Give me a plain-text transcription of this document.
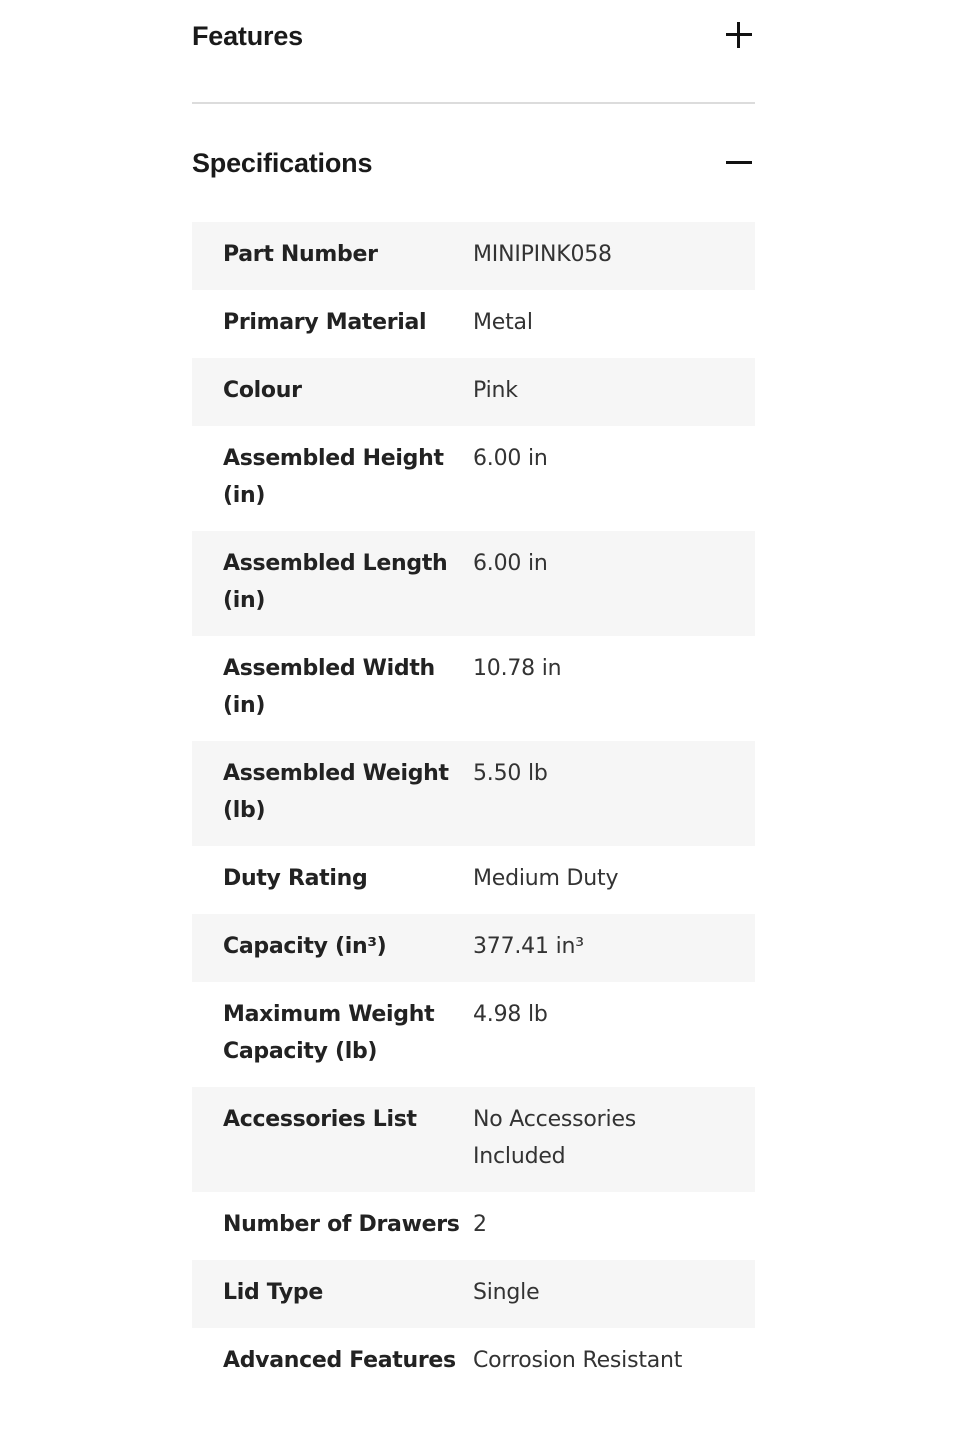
Features
Specifications
Part Number	MINIPINK058
Primary Material	Metal
Colour	Pink
Assembled Height (in)	6.00 in
Assembled Length (in)	6.00 in
Assembled Width (in)	10.78 in
Assembled Weight (lb)	5.50 lb
Duty Rating	Medium Duty
Capacity (in³)	377.41 in³
Maximum Weight Capacity (lb)	4.98 lb
Accessories List	No Accessories Included
Number of Drawers	2
Lid Type	Single
Advanced Features	Corrosion Resistant
